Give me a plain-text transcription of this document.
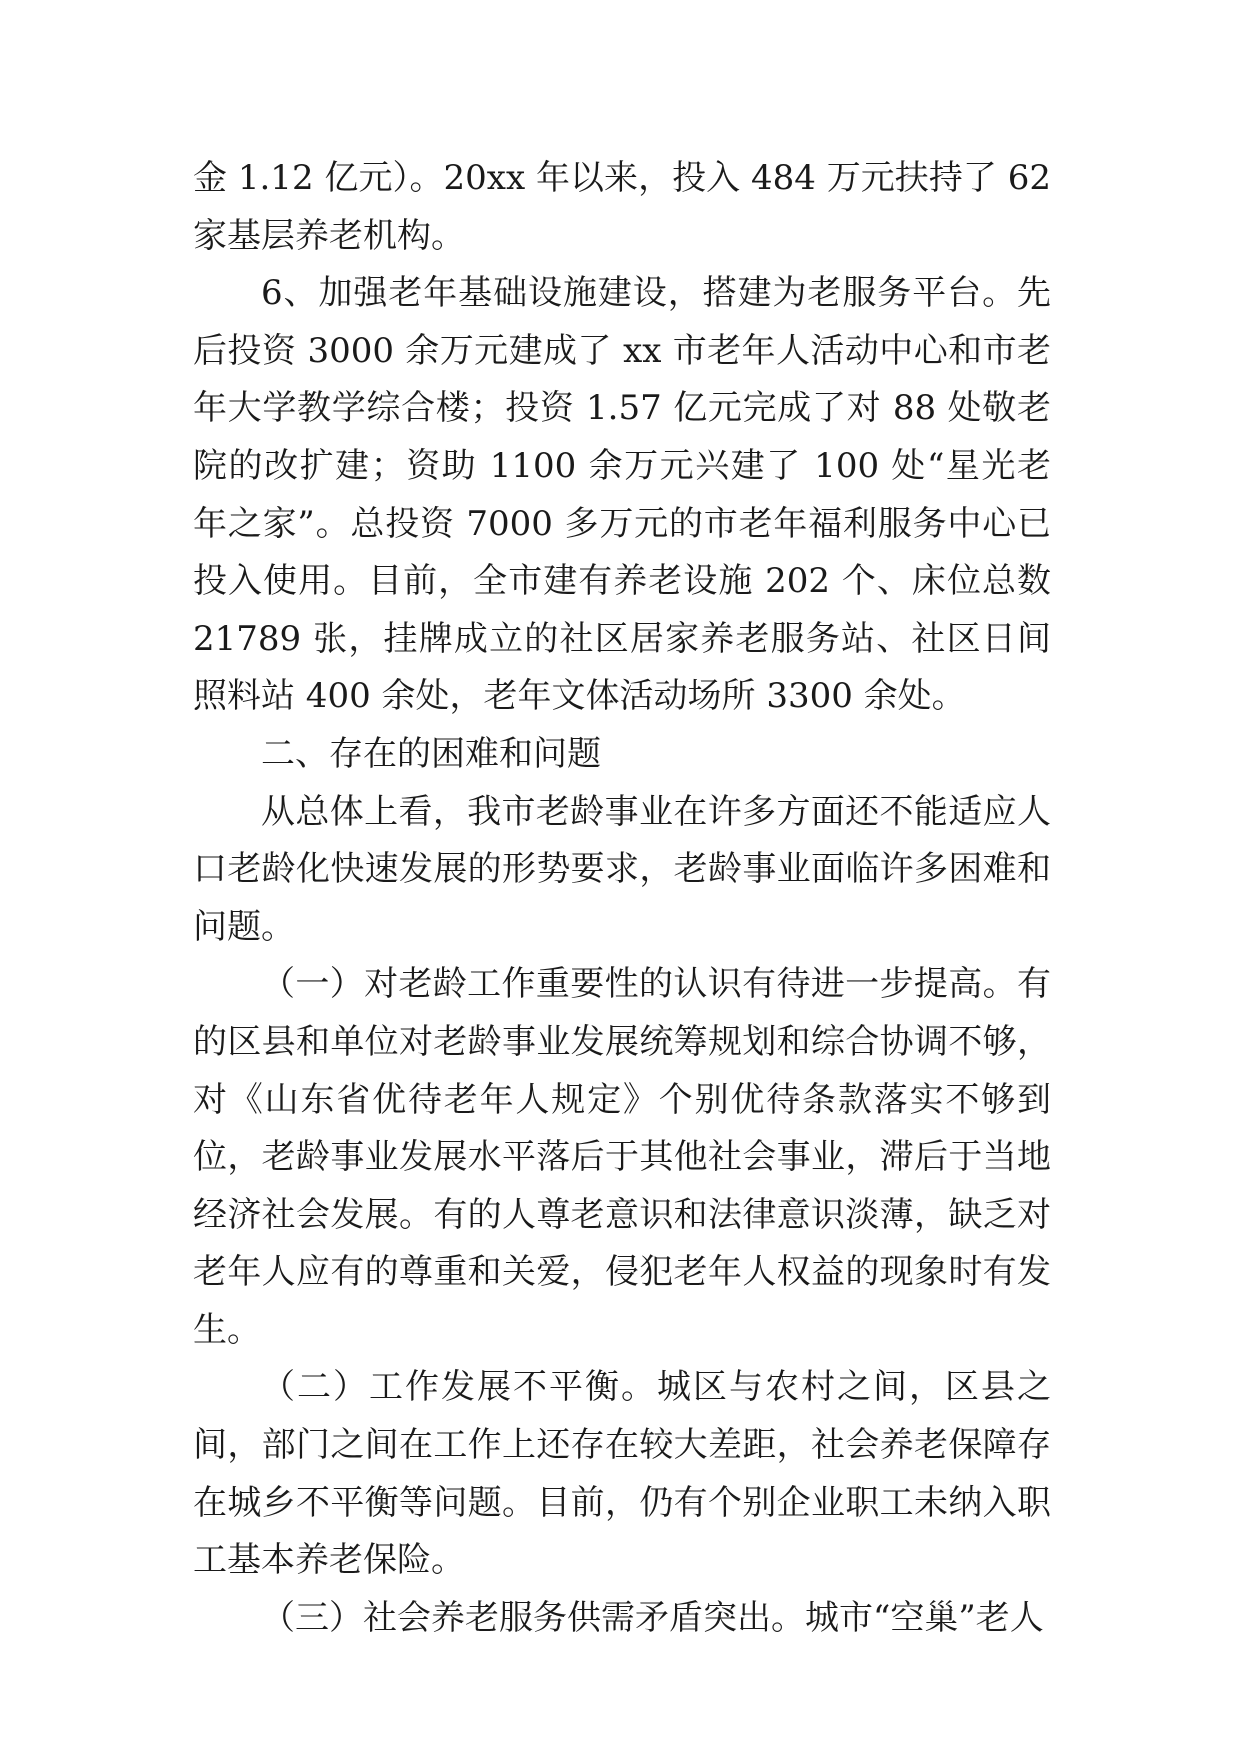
金 1.12 亿元）。20xx 年以来，投入 484 万元扶持了 62 家基层养老机构。

6、加强老年基础设施建设，搭建为老服务平台。先后投资 3000 余万元建成了 xx 市老年人活动中心和市老年大学教学综合楼；投资 1.57 亿元完成了对 88 处敬老院的改扩建；资助 1100 余万元兴建了 100 处“星光老年之家”。总投资 7000 多万元的市老年福利服务中心已投入使用。目前，全市建有养老设施 202 个、床位总数 21789 张，挂牌成立的社区居家养老服务站、社区日间照料站 400 余处，老年文体活动场所 3300 余处。

二、存在的困难和问题

从总体上看，我市老龄事业在许多方面还不能适应人口老龄化快速发展的形势要求，老龄事业面临许多困难和问题。

（一）对老龄工作重要性的认识有待进一步提高。有的区县和单位对老龄事业发展统筹规划和综合协调不够，对《山东省优待老年人规定》个别优待条款落实不够到位，老龄事业发展水平落后于其他社会事业，滞后于当地经济社会发展。有的人尊老意识和法律意识淡薄，缺乏对老年人应有的尊重和关爱，侵犯老年人权益的现象时有发生。

（二）工作发展不平衡。城区与农村之间，区县之间，部门之间在工作上还存在较大差距，社会养老保障存在城乡不平衡等问题。目前，仍有个别企业职工未纳入职工基本养老保险。

（三）社会养老服务供需矛盾突出。城市“空巢”老人
